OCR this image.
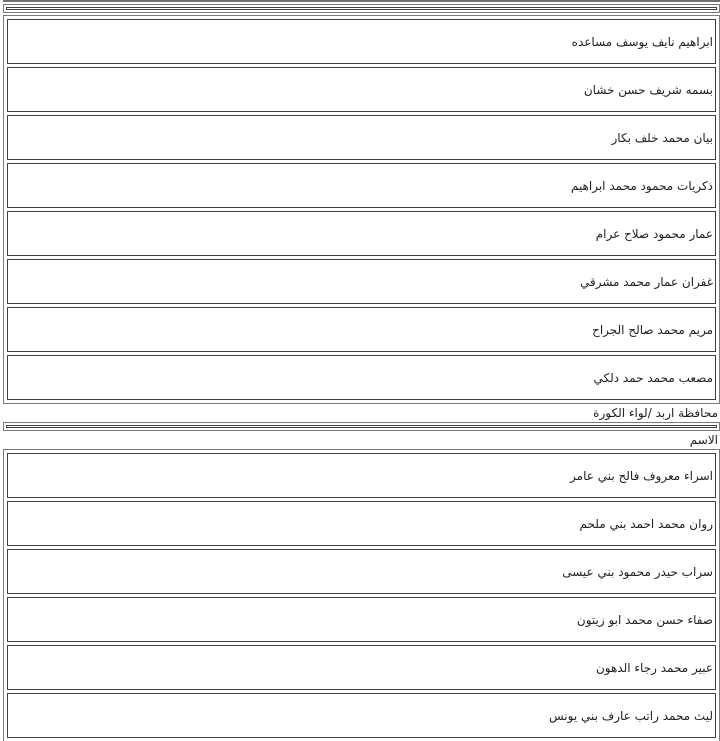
ابراهيم نايف يوسف مساعده
بسمه شريف حسن خشان
بيان محمد خلف بكار
ذكريات محمود محمد ابراهيم
عمار محمود صلاح عرام
غفران عمار محمد مشرقي
مريم محمد صالح الجراح
مصعب محمد حمد دلكي
محافظة اربد /لواء الكورة
الاسم
اسراء معروف فالح بني عامر
روان محمد احمد بني ملحم
سراب حيدر محمود بني عيسى
صفاء حسن محمد ابو زيتون
عبير محمد رجاء الدهون
ليث محمد راتب عارف بني يونس
